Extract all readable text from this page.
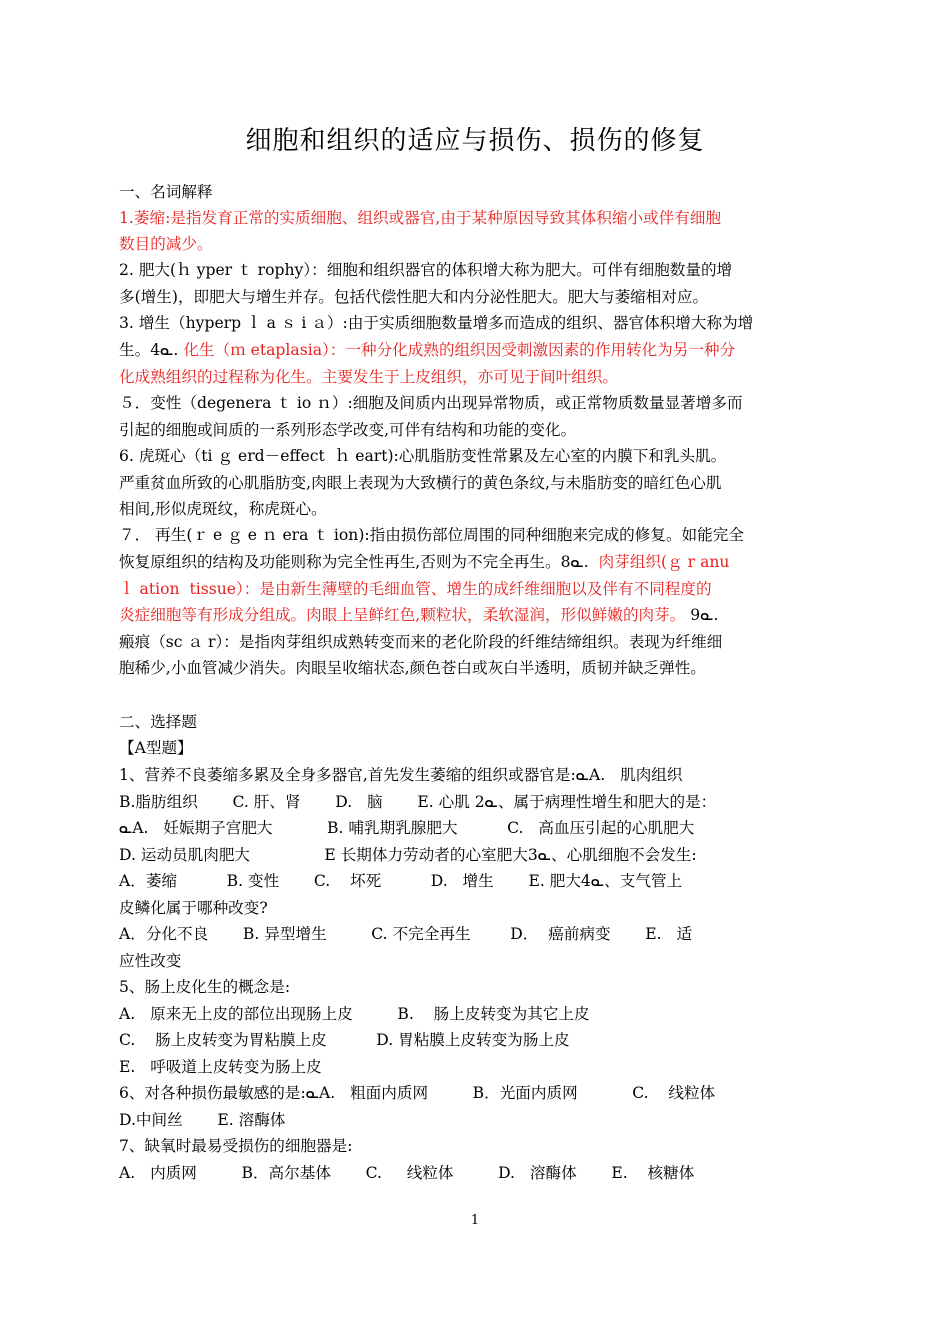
细胞和组织的适应与损伤、损伤的修复
一、名词解释
1.萎缩:是指发育正常的实质细胞、组织或器官,由于某种原因导致其体积缩小或伴有细胞
数目的减少。
2. 肥大(ｈ yper ｔ rophy）：细胞和组织器官的体积增大称为肥大。可伴有细胞数量的增
多(增生)，即肥大与增生并存。包括代偿性肥大和内分泌性肥大。肥大与萎缩相对应。
3. 增生（hyperp ｌ a ｓ i ａ）:由于实质细胞数量增多而造成的组织、器官体积增大称为增
生。4⁠ᓇ. 化生（ｍ etaplasia）：一种分化成熟的组织因受刺激因素的作用转化为另一种分
化成熟组织的过程称为化生。主要发生于上皮组织，亦可见于间叶组织。
５．变性（degenera ｔ io ｎ）:细胞及间质内出现异常物质，或正常物质数量显著增多而
引起的细胞或间质的一系列形态学改变,可伴有结构和功能的变化。
6. 虎斑心（ti ｇ erd－effect  ｈ eart):心肌脂肪变性常累及左心室的内膜下和乳头肌。
严重贫血所致的心肌脂肪变,肉眼上表现为大致横行的黄色条纹,与未脂肪变的暗红色心肌
相间,形似虎斑纹，称虎斑心。
７． 再生(ｒ e ｇ e ｎ era ｔ ion):指由损伤部位周围的同种细胞来完成的修复。如能完全
恢复原组织的结构及功能则称为完全性再生,否则为不完全再生。8ᓇ.  肉芽组织(ｇ r anu
ｌ ation  tissue）：是由新生薄壁的毛细血管、增生的成纤维细胞以及伴有不同程度的
炎症细胞等有形成分组成。肉眼上呈鲜红色,颗粒状，柔软湿润，形似鲜嫩的肉芽。 9ᓇ.
瘢痕（sc ａ r）：是指肉芽组织成熟转变而来的老化阶段的纤维结缔组织。表现为纤维细
胞稀少,小血管减少消失。肉眼呈收缩状态,颜色苍白或灰白半透明，质韧并缺乏弹性。
二、选择题
【A型题】
1、营养不良萎缩多累及全身多器官,首先发生萎缩的组织或器官是:ᓇA.   肌肉组织
B.脂肪组织       C. 肝、肾       D.   脑       E. 心肌 2ᓇ、属于病理性增生和肥大的是：
ᓇA.   妊娠期子宫肥大           B. 哺乳期乳腺肥大          C.   高血压引起的心肌肥大
D. 运动员肌肉肥大               E 长期体力劳动者的心室肥大3ᓇ、心肌细胞不会发生:
A．萎缩          B. 变性       C.    坏死          D.   增生       E. 肥大4ᓇ、支气管上
皮鳞化属于哪种改变?
A．分化不良       B. 异型增生         C. 不完全再生        D．  癌前病变       E.   适
应性改变
5、肠上皮化生的概念是:
A.   原来无上皮的部位出现肠上皮         B.    肠上皮转变为其它上皮
C.    肠上皮转变为胃粘膜上皮          D. 胃粘膜上皮转变为肠上皮
E.   呼吸道上皮转变为肠上皮
6、对各种损伤最敏感的是:ᓇA.   粗面内质网         B．光面内质网           C.    线粒体
D.中间丝       E. 溶酶体
7、缺氧时最易受损伤的细胞器是:
A.   内质网         B．高尔基体       C.     线粒体         D.   溶酶体       E.    核糖体
1
